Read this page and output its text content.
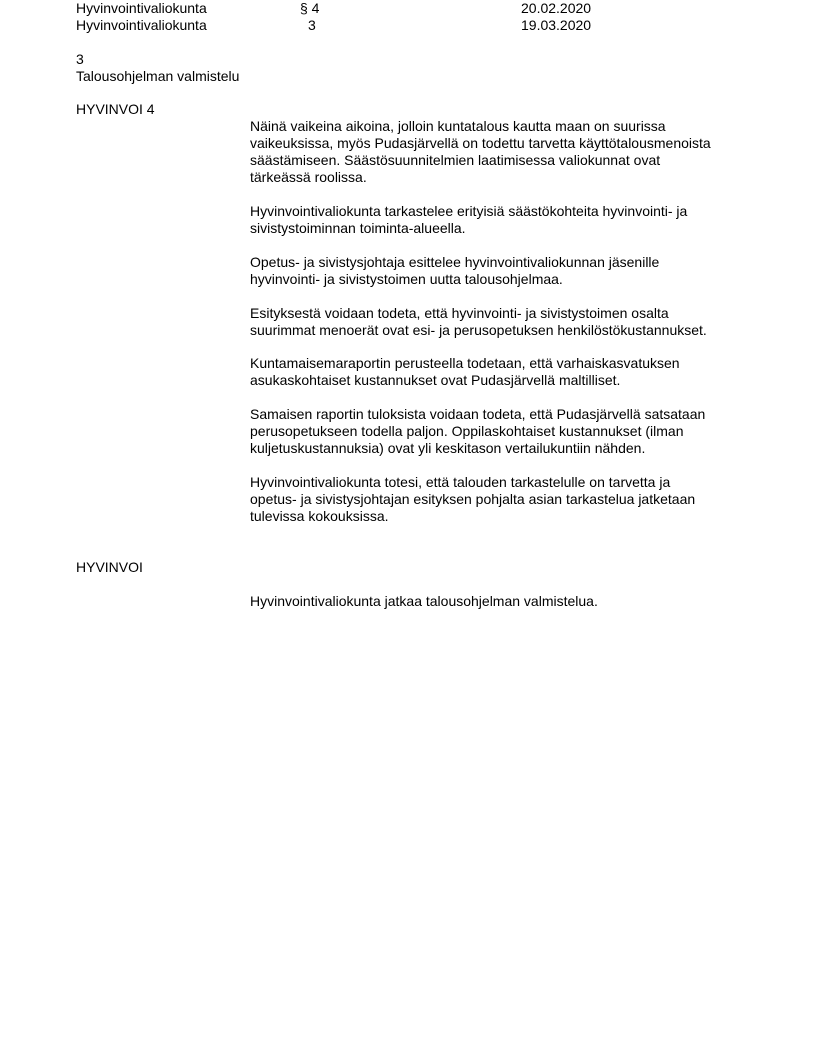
Hyvinvointivaliokunta	§ 4	20.02.2020
Hyvinvointivaliokunta	3	19.03.2020
3
Talousohjelman valmistelu
HYVINVOI 4
Näinä vaikeina aikoina, jolloin kuntatalous kautta maan on suurissa
vaikeuksissa, myös Pudasjärvellä on todettu tarvetta käyttötalousmenoista
säästämiseen. Säästösuunnitelmien laatimisessa valiokunnat ovat
tärkeässä roolissa.
Hyvinvointivaliokunta tarkastelee erityisiä säästökohteita hyvinvointi- ja
sivistystoiminnan toiminta-alueella.
Opetus- ja sivistysjohtaja esittelee hyvinvointivaliokunnan jäsenille
hyvinvointi- ja sivistystoimen uutta talousohjelmaa.
Esityksestä voidaan todeta, että hyvinvointi- ja sivistystoimen osalta
suurimmat menoerät ovat esi- ja perusopetuksen henkilöstökustannukset.
Kuntamaisemaraportin perusteella todetaan, että varhaiskasvatuksen
asukaskohtaiset kustannukset ovat Pudasjärvellä maltilliset.
Samaisen raportin tuloksista voidaan todeta, että Pudasjärvellä satsataan
perusopetukseen todella paljon. Oppilaskohtaiset kustannukset (ilman
kuljetuskustannuksia) ovat yli keskitason vertailukuntiin nähden.
Hyvinvointivaliokunta totesi, että talouden tarkastelulle on tarvetta ja
opetus- ja sivistysjohtajan esityksen pohjalta asian tarkastelua jatketaan
tulevissa kokouksissa.
HYVINVOI
Hyvinvointivaliokunta jatkaa talousohjelman valmistelua.
